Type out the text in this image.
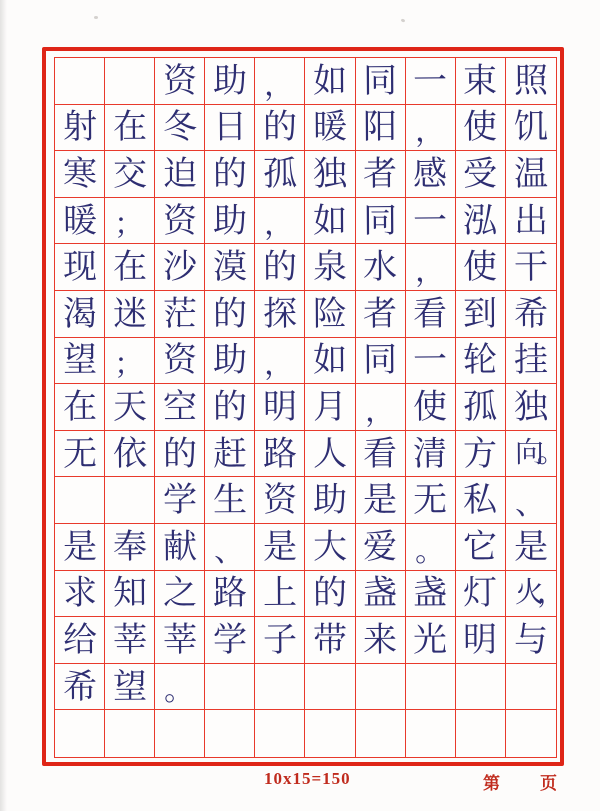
资 助 ， 如 同 一 束 照
射 在 冬 日 的 暖 阳 ， 使 饥
寒 交 迫 的 孤 独 者 感 受 温
暖 ； 资 助 ， 如 同 一 泓 出
现 在 沙 漠 的 泉 水 ， 使 干
渴 迷 茫 的 探 险 者 看 到 希
望 ； 资 助 ， 如 同 一 轮 挂
在 天 空 的 明 月 ， 使 孤 独
无 依 的 赶 路 人 看 清 方 向。
学 生 资 助 是 无 私 、
是 奉 献 、 是 大 爱 。 它 是
求 知 之 路 上 的 盏 盏 灯 火，
给 莘 莘 学 子 带 来 光 明 与
希 望 。
10x15=150	第 页
